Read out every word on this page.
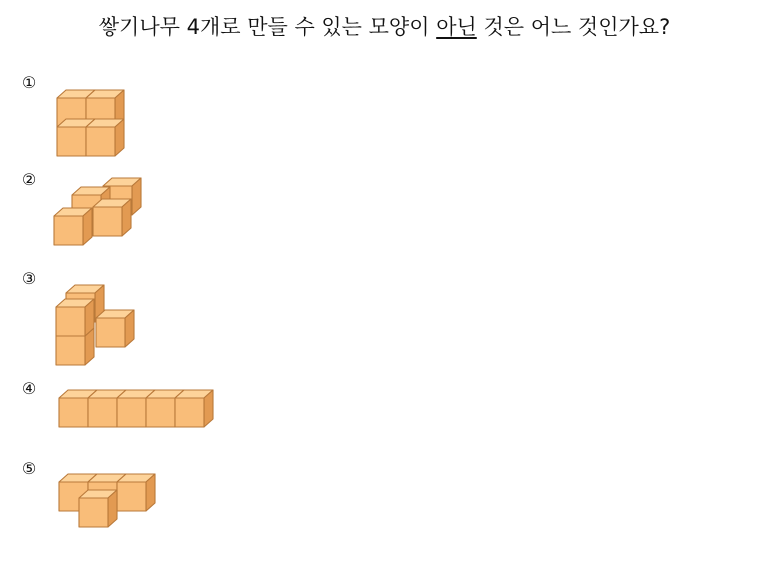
쌓기나무 4개로 만들 수 있는 모양이 아닌 것은 어느 것인가요?
①
②
③
④
⑤
